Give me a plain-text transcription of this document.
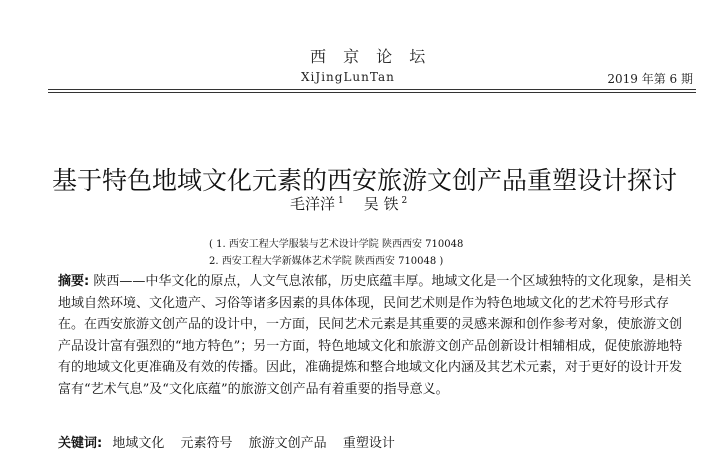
西 京 论 坛
XiJingLunTan	2019 年第 6 期
基于特色地域文化元素的西安旅游文创产品重塑设计探讨
毛洋洋 $^1$ 吴 铁 $^2$
( 1. 西安工程大学服装与艺术设计学院 陕西西安 710048
2. 西安工程大学新媒体艺术学院 陕西西安 710048 )
摘要: 陕西——中华文化的原点，人文气息浓郁，历史底蕴丰厚。地域文化是一个区域独特的文化现象，是相关地域自然环境、文化遗产、习俗等诸多因素的具体体现，民间艺术则是作为特色地域文化的艺术符号形式存在。在西安旅游文创产品的设计中，一方面，民间艺术元素是其重要的灵感来源和创作参考对象，使旅游文创产品设计富有强烈的“地方特色”；另一方面，特色地域文化和旅游文创产品创新设计相辅相成，促使旅游地特有的地域文化更准确及有效的传播。因此，准确提炼和整合地域文化内涵及其艺术元素，对于更好的设计开发富有“艺术气息”及“文化底蕴”的旅游文创产品有着重要的指导意义。
关键词: 地域文化 元素符号 旅游文创产品 重塑设计
